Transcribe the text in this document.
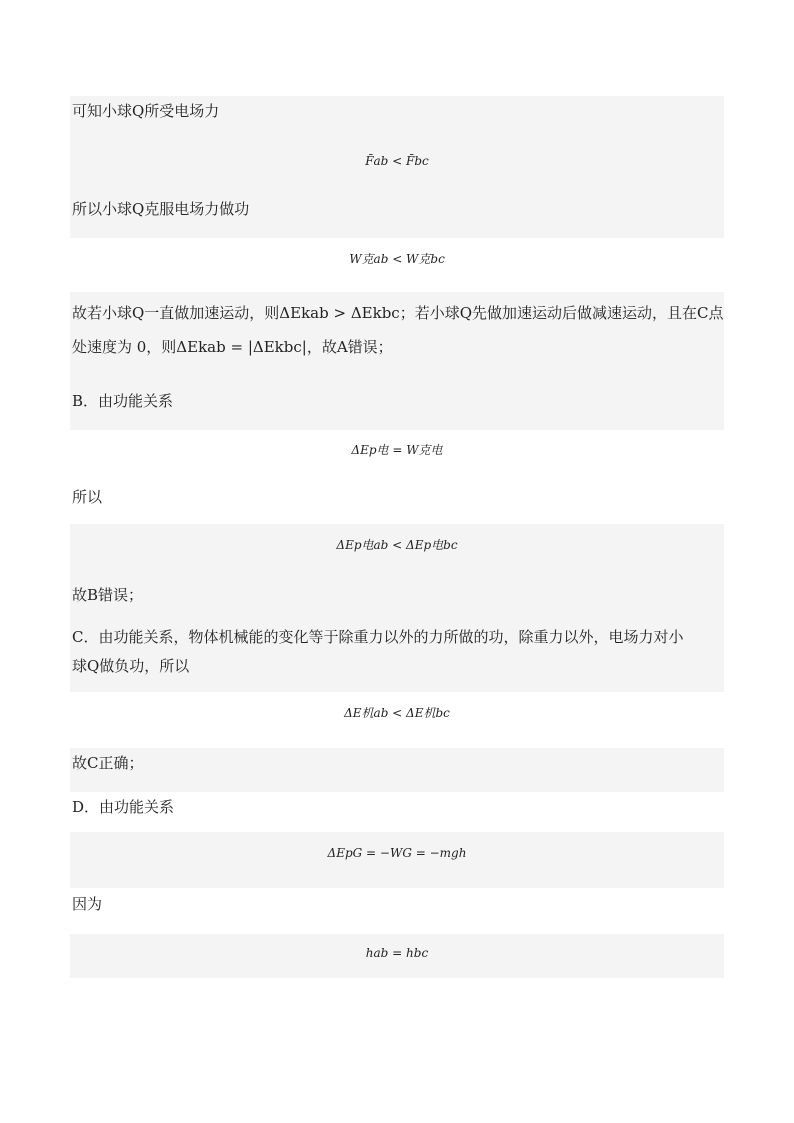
可知小球Q所受电场力
F̄ab < F̄bc
所以小球Q克服电场力做功
W克ab < W克bc
故若小球Q一直做加速运动，则ΔEkab > ΔEkbc；若小球Q先做加速运动后做减速运动，且在C点
处速度为 0，则ΔEkab = |ΔEkbc|，故A错误；
B．由功能关系
ΔEp电 = W克电
所以
ΔEp电ab < ΔEp电bc
故B错误；
C．由功能关系，物体机械能的变化等于除重力以外的力所做的功，除重力以外，电场力对小
球Q做负功，所以
ΔE机ab < ΔE机bc
故C正确；
D．由功能关系
ΔEpG = −WG = −mgh
因为
hab = hbc
